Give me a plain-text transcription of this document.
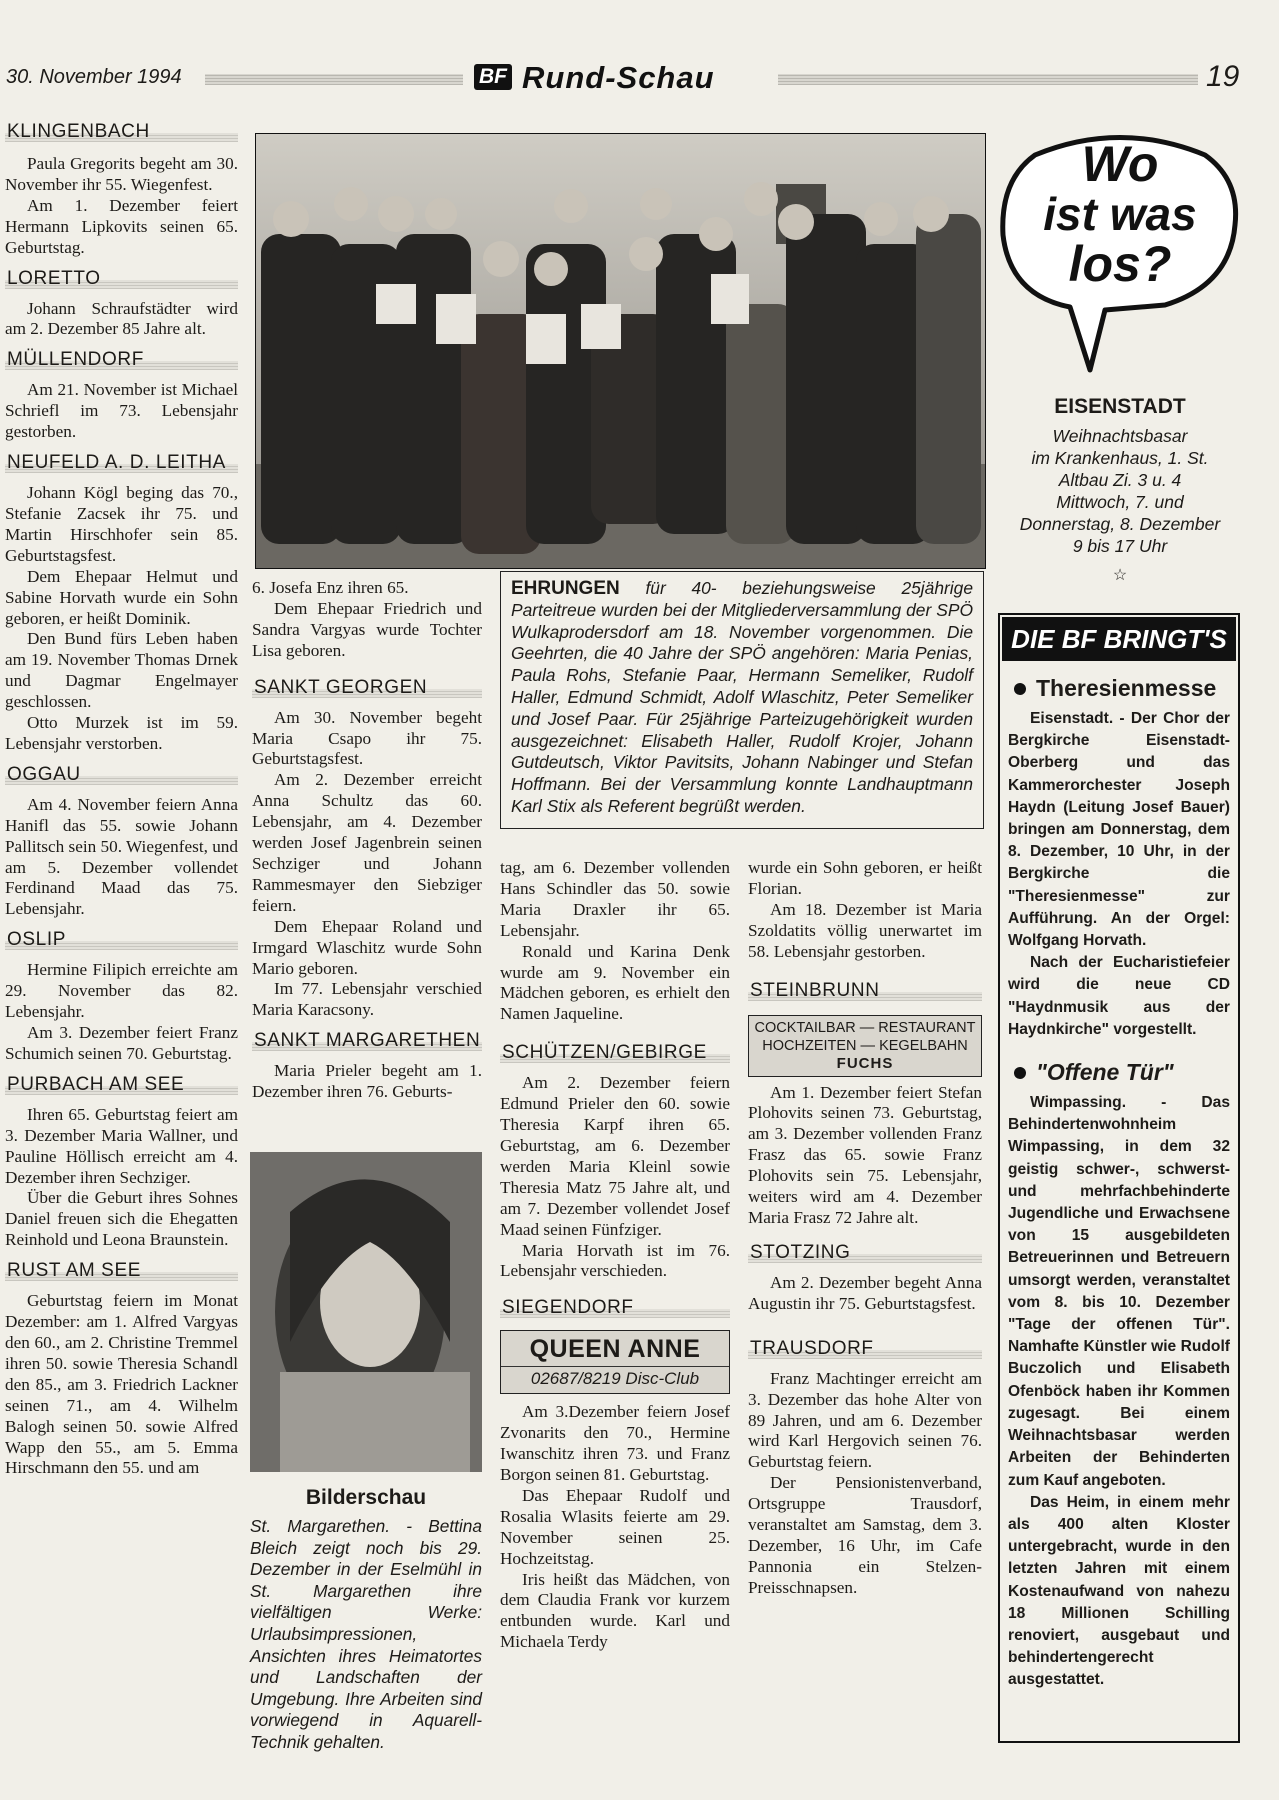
30. November 1994	BF Rund-Schau	19
KLINGENBACH

Paula Gregorits begeht am 30. November ihr 55. Wiegenfest.

Am 1. Dezember feiert Hermann Lipkovits seinen 65. Geburtstag.

LORETTO

Johann Schraufstädter wird am 2. Dezember 85 Jahre alt.

MÜLLENDORF

Am 21. November ist Michael Schriefl im 73. Lebensjahr gestorben.

NEUFELD A. D. LEITHA

Johann Kögl beging das 70., Stefanie Zacsek ihr 75. und Martin Hirschhofer sein 85. Geburtstagsfest.

Dem Ehepaar Helmut und Sabine Horvath wurde ein Sohn geboren, er heißt Dominik.

Den Bund fürs Leben haben am 19. November Thomas Drnek und Dagmar Engelmayer geschlossen.

Otto Murzek ist im 59. Lebensjahr verstorben.

OGGAU

Am 4. November feiern Anna Hanifl das 55. sowie Johann Pallitsch sein 50. Wiegenfest, und am 5. Dezember vollendet Ferdinand Maad das 75. Lebensjahr.

OSLIP

Hermine Filipich erreichte am 29. November das 82. Lebensjahr.

Am 3. Dezember feiert Franz Schumich seinen 70. Geburtstag.

PURBACH AM SEE

Ihren 65. Geburtstag feiert am 3. Dezember Maria Wallner, und Pauline Höllisch erreicht am 4. Dezember ihren Sechziger.

Über die Geburt ihres Sohnes Daniel freuen sich die Ehegatten Reinhold und Leona Braunstein.

RUST AM SEE

Geburtstag feiern im Monat Dezember: am 1. Alfred Vargyas den 60., am 2. Christine Tremmel ihren 50. sowie Theresia Schandl den 85., am 3. Friedrich Lackner seinen 71., am 4. Wilhelm Balogh seinen 50. sowie Alfred Wapp den 55., am 5. Emma Hirschmann den 55. und am

EHRUNGEN für 40- beziehungsweise 25jährige Parteitreue wurden bei der Mitgliederversammlung der SPÖ Wulkaprodersdorf am 18. November vorgenommen. Die Geehrten, die 40 Jahre der SPÖ angehören: Maria Penias, Paula Rohs, Stefanie Paar, Hermann Semeliker, Rudolf Haller, Edmund Schmidt, Adolf Wlaschitz, Peter Semeliker und Josef Paar. Für 25jährige Parteizugehörigkeit wurden ausgezeichnet: Elisabeth Haller, Rudolf Krojer, Johann Gutdeutsch, Viktor Pavitsits, Johann Nabinger und Stefan Hoffmann. Bei der Versammlung konnte Landhauptmann Karl Stix als Referent begrüßt werden.

6. Josefa Enz ihren 65.

Dem Ehepaar Friedrich und Sandra Vargyas wurde Tochter Lisa geboren.

SANKT GEORGEN

Am 30. November begeht Maria Csapo ihr 75. Geburtstagsfest.

Am 2. Dezember erreicht Anna Schultz das 60. Lebensjahr, am 4. Dezember werden Josef Jagenbrein seinen Sechziger und Johann Rammesmayer den Siebziger feiern.

Dem Ehepaar Roland und Irmgard Wlaschitz wurde Sohn Mario geboren.

Im 77. Lebensjahr verschied Maria Karacsony.

SANKT MARGARETHEN

Maria Prieler begeht am 1. Dezember ihren 76. Geburts-

Bilderschau

St. Margarethen. - Bettina Bleich zeigt noch bis 29. Dezember in der Eselmühl in St. Margarethen ihre vielfältigen Werke: Urlaubsimpressionen, Ansichten ihres Heimatortes und Landschaften der Umgebung. Ihre Arbeiten sind vorwiegend in Aquarell-Technik gehalten.

tag, am 6. Dezember vollenden Hans Schindler das 50. sowie Maria Draxler ihr 65. Lebensjahr.

Ronald und Karina Denk wurde am 9. November ein Mädchen geboren, es erhielt den Namen Jaqueline.

SCHÜTZEN/GEBIRGE

Am 2. Dezember feiern Edmund Prieler den 60. sowie Theresia Karpf ihren 65. Geburtstag, am 6. Dezember werden Maria Kleinl sowie Theresia Matz 75 Jahre alt, und am 7. Dezember vollendet Josef Maad seinen Fünfziger.

Maria Horvath ist im 76. Lebensjahr verschieden.

SIEGENDORF
QUEEN ANNE
02687/8219 Disc-Club

Am 3.Dezember feiern Josef Zvonarits den 70., Hermine Iwanschitz ihren 73. und Franz Borgon seinen 81. Geburtstag.

Das Ehepaar Rudolf und Rosalia Wlasits feierte am 29. November seinen 25. Hochzeitstag.

Iris heißt das Mädchen, von dem Claudia Frank vor kurzem entbunden wurde. Karl und Michaela Terdy

wurde ein Sohn geboren, er heißt Florian.

Am 18. Dezember ist Maria Szoldatits völlig unerwartet im 58. Lebensjahr gestorben.

STEINBRUNN
COCKTAILBAR — RESTAURANT
HOCHZEITEN — KEGELBAHN
FUCHS

Am 1. Dezember feiert Stefan Plohovits seinen 73. Geburtstag, am 3. Dezember vollenden Franz Frasz das 65. sowie Franz Plohovits sein 75. Lebensjahr, weiters wird am 4. Dezember Maria Frasz 72 Jahre alt.

STOTZING

Am 2. Dezember begeht Anna Augustin ihr 75. Geburtstagsfest.

TRAUSDORF

Franz Machtinger erreicht am 3. Dezember das hohe Alter von 89 Jahren, und am 6. Dezember wird Karl Hergovich seinen 76. Geburtstag feiern.

Der Pensionistenverband, Ortsgruppe Trausdorf, veranstaltet am Samstag, dem 3. Dezember, 16 Uhr, im Cafe Pannonia ein Stelzen-Preisschnapsen.

Wo
ist was
los?
EISENSTADT
Weihnachtsbasar
im Krankenhaus, 1. St.
Altbau Zi. 3 u. 4
Mittwoch, 7. und
Donnerstag, 8. Dezember
9 bis 17 Uhr
☆
DIE BF BRINGT'S
Theresienmesse

Eisenstadt. - Der Chor der Bergkirche Eisenstadt-Oberberg und das Kammerorchester Joseph Haydn (Leitung Josef Bauer) bringen am Donnerstag, dem 8. Dezember, 10 Uhr, in der Bergkirche die "Theresienmesse" zur Aufführung. An der Orgel: Wolfgang Horvath.

Nach der Eucharistiefeier wird die neue CD "Haydnmusik aus der Haydnkirche" vorgestellt.

"Offene Tür"

Wimpassing. - Das Behindertenwohnheim Wimpassing, in dem 32 geistig schwer-, schwerst- und mehrfachbehinderte Jugendliche und Erwachsene von 15 ausgebildeten Betreuerinnen und Betreuern umsorgt werden, veranstaltet vom 8. bis 10. Dezember "Tage der offenen Tür". Namhafte Künstler wie Rudolf Buczolich und Elisabeth Ofenböck haben ihr Kommen zugesagt. Bei einem Weihnachtsbasar werden Arbeiten der Behinderten zum Kauf angeboten.

Das Heim, in einem mehr als 400 alten Kloster untergebracht, wurde in den letzten Jahren mit einem Kostenaufwand von nahezu 18 Millionen Schilling renoviert, ausgebaut und behindertengerecht ausgestattet.
